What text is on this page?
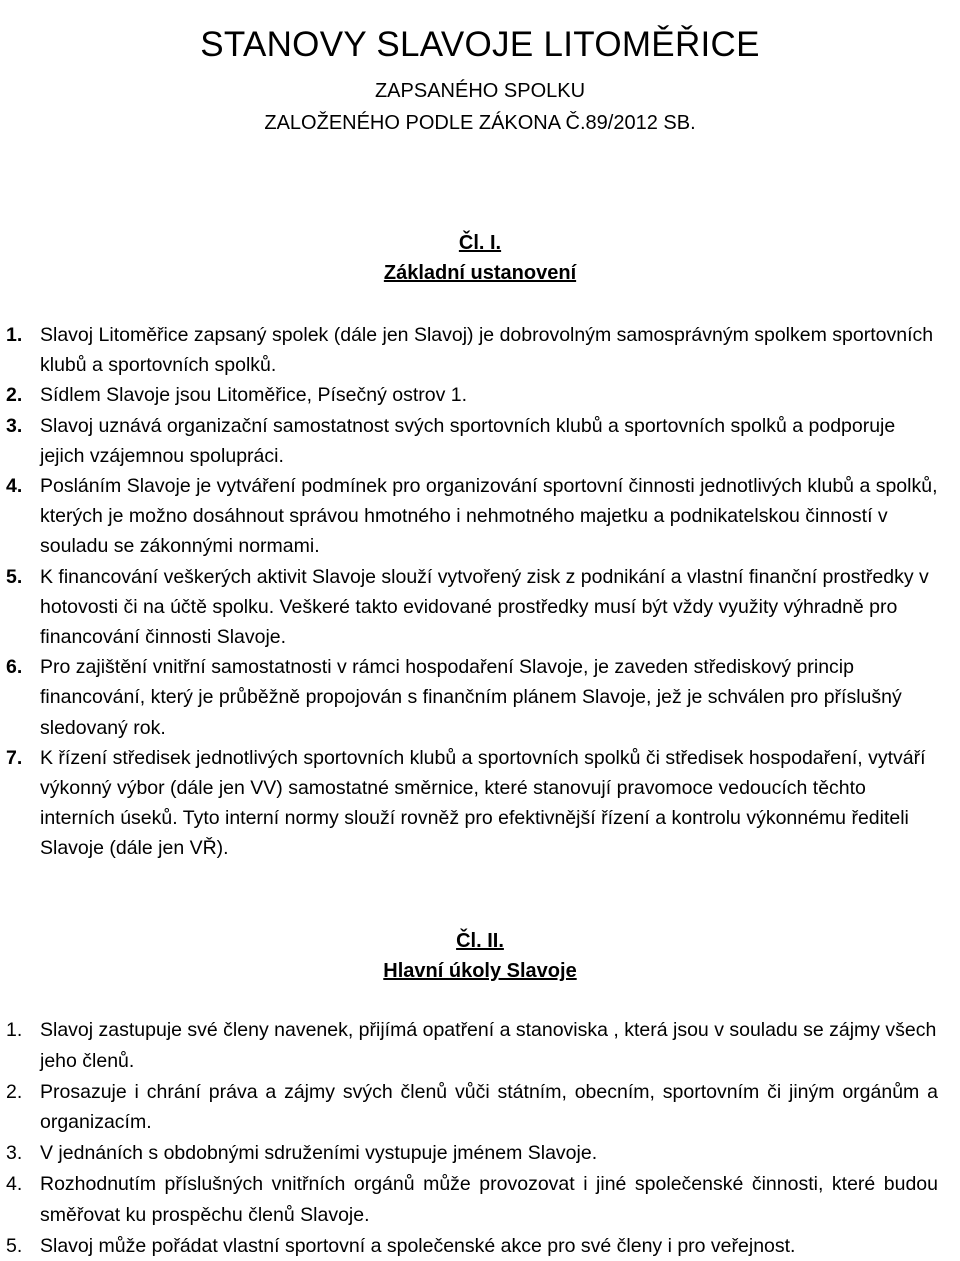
STANOVY SLAVOJE LITOMĚŘICE
ZAPSANÉHO SPOLKU
ZALOŽENÉHO PODLE ZÁKONA Č.89/2012 SB.
Čl. I.
Základní ustanovení
1. Slavoj Litoměřice zapsaný spolek (dále jen Slavoj) je dobrovolným samosprávným spolkem sportovních klubů a sportovních spolků.
2. Sídlem Slavoje jsou Litoměřice, Písečný ostrov 1.
3. Slavoj uznává organizační samostatnost svých sportovních klubů a sportovních spolků a podporuje jejich vzájemnou spolupráci.
4. Posláním Slavoje je vytváření podmínek pro organizování sportovní činnosti jednotlivých klubů a spolků, kterých je možno dosáhnout správou hmotného i nehmotného majetku a podnikatelskou činností v souladu se zákonnými normami.
5. K financování veškerých aktivit Slavoje slouží vytvořený zisk z podnikání a vlastní finanční prostředky v hotovosti či na účtě spolku. Veškeré takto evidované prostředky musí být vždy využity výhradně pro financování činnosti Slavoje.
6. Pro zajištění vnitřní samostatnosti v rámci hospodaření Slavoje, je zaveden střediskový princip financování, který je průběžně propojován s finančním plánem Slavoje, jež je schválen pro příslušný sledovaný rok.
7. K řízení středisek jednotlivých sportovních klubů a sportovních spolků či středisek hospodaření, vytváří výkonný výbor (dále jen VV) samostatné směrnice, které stanovují pravomoce vedoucích těchto interních úseků. Tyto interní normy slouží rovněž pro efektivnější řízení a kontrolu výkonnému řediteli Slavoje (dále jen VŘ).
Čl. II.
Hlavní úkoly Slavoje
1. Slavoj zastupuje své členy navenek, přijímá opatření a stanoviska , která jsou v souladu se zájmy všech jeho členů.
2. Prosazuje i chrání práva a zájmy svých členů vůči státním, obecním, sportovním či jiným orgánům a organizacím.
3. V jednáních s obdobnými sdruženími vystupuje jménem Slavoje.
4. Rozhodnutím příslušných vnitřních orgánů může provozovat i jiné společenské činnosti, které budou směřovat ku prospěchu členů Slavoje.
5. Slavoj může pořádat vlastní sportovní a společenské akce pro své členy i pro veřejnost.
